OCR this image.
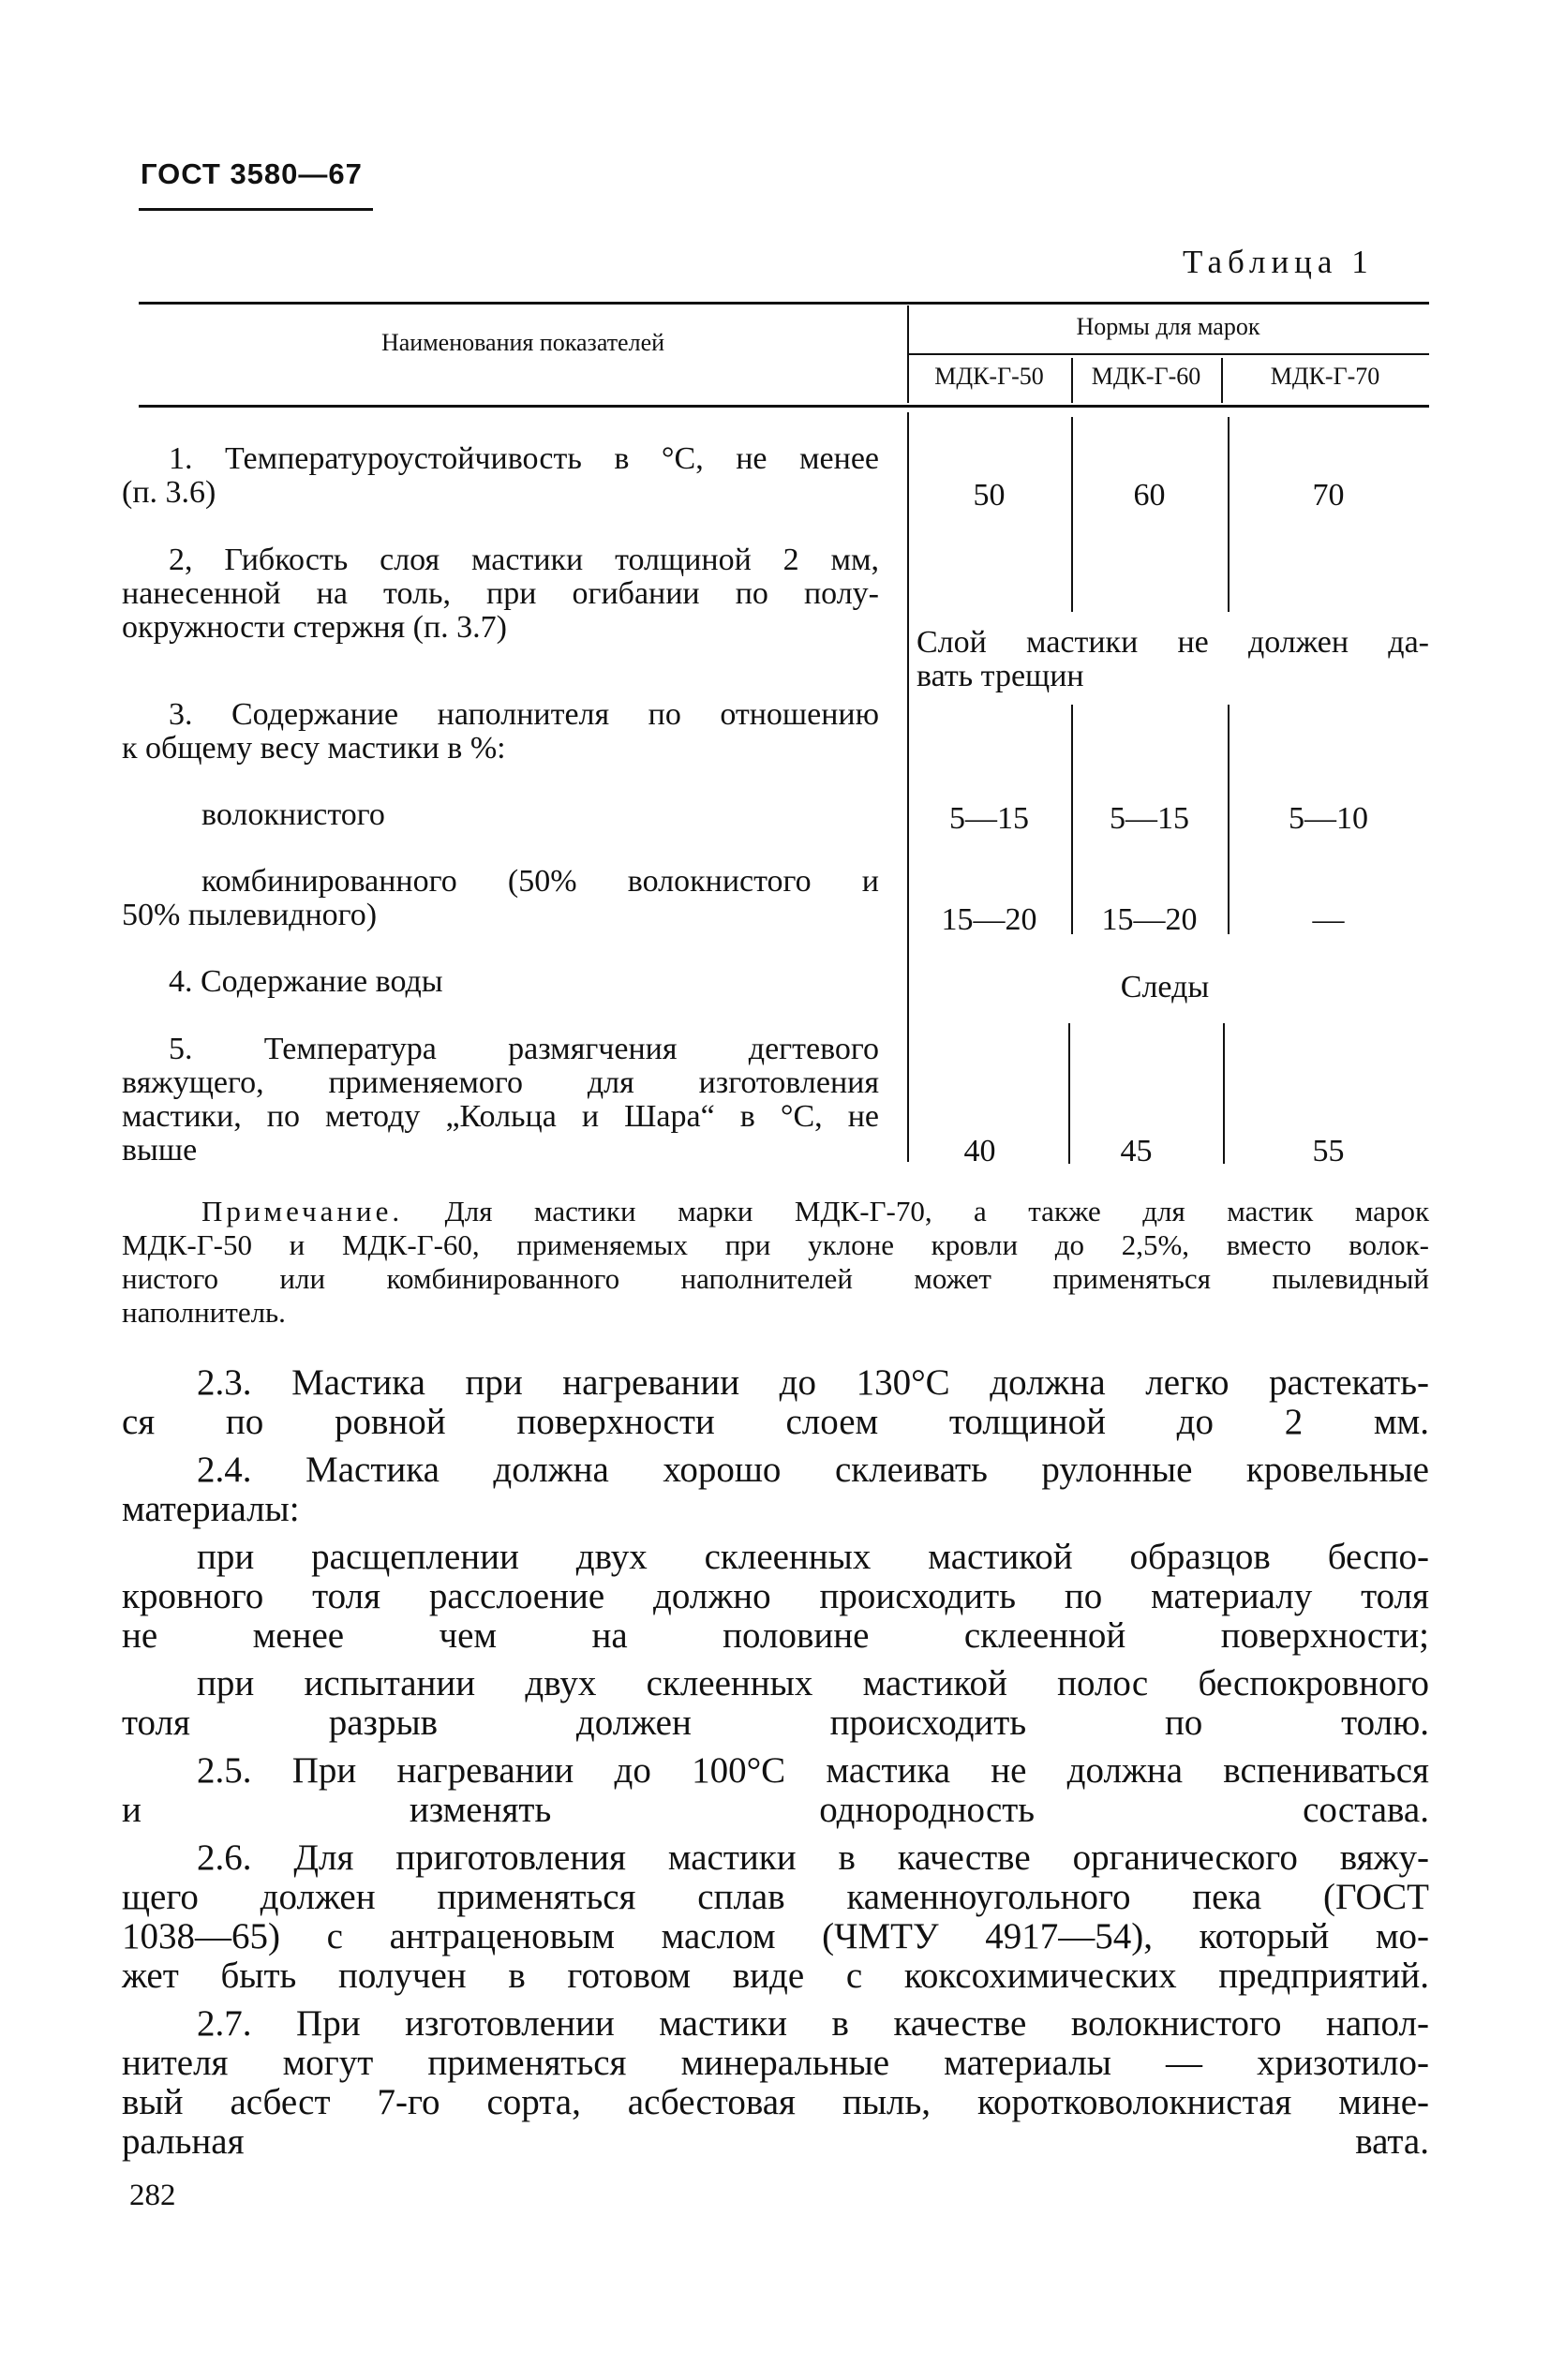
ГОСТ 3580—67
Таблица 1
Наименования показателей
Нормы для марок
МДК-Г-50	МДК-Г-60	МДК-Г-70
1. Температуроустойчивость в °С, не менее
(п. 3.6)	50	60	70
2, Гибкость слоя мастики толщиной 2 мм,
нанесенной на толь, при огибании по полу-
окружности стержня (п. 3.7)	Слой мастики не должен да-
вать трещин
3. Содержание наполнителя по отношению
к общему весу мастики в %:
волокнистого	5—15	5—15	5—10
комбинированного (50% волокнистого и
50% пылевидного)	15—20	15—20	—
4. Содержание воды	Следы
5. Температура размягчения дегтевого
вяжущего, применяемого для изготовления
мастики, по методу „Кольца и Шара“ в °С, не
выше	40	45	55
Примечание. Для мастики марки МДК-Г-70, а также для мастик марок
МДК-Г-50 и МДК-Г-60, применяемых при уклоне кровли до 2,5%, вместо волок-
нистого или комбинированного наполнителей может применяться пылевидный
наполнитель.
2.3. Мастика при нагревании до 130°С должна легко растекать-
ся по ровной поверхности слоем толщиной до 2 мм.
2.4. Мастика должна хорошо склеивать рулонные кровельные
материалы:
при расщеплении двух склеенных мастикой образцов беспо-
кровного толя расслоение должно происходить по материалу толя
не менее чем на половине склеенной поверхности;
при испытании двух склеенных мастикой полос беспокровного
толя разрыв должен происходить по толю.
2.5. При нагревании до 100°С мастика не должна вспениваться
и изменять однородность состава.
2.6. Для приготовления мастики в качестве органического вяжу-
щего должен применяться сплав каменноугольного пека (ГОСТ
1038—65) с антраценовым маслом (ЧМТУ 4917—54), который мо-
жет быть получен в готовом виде с коксохимических предприятий.
2.7. При изготовлении мастики в качестве волокнистого напол-
нителя могут применяться минеральные материалы — хризотило-
вый асбест 7-го сорта, асбестовая пыль, коротковолокнистая мине-
ральная вата.
282
